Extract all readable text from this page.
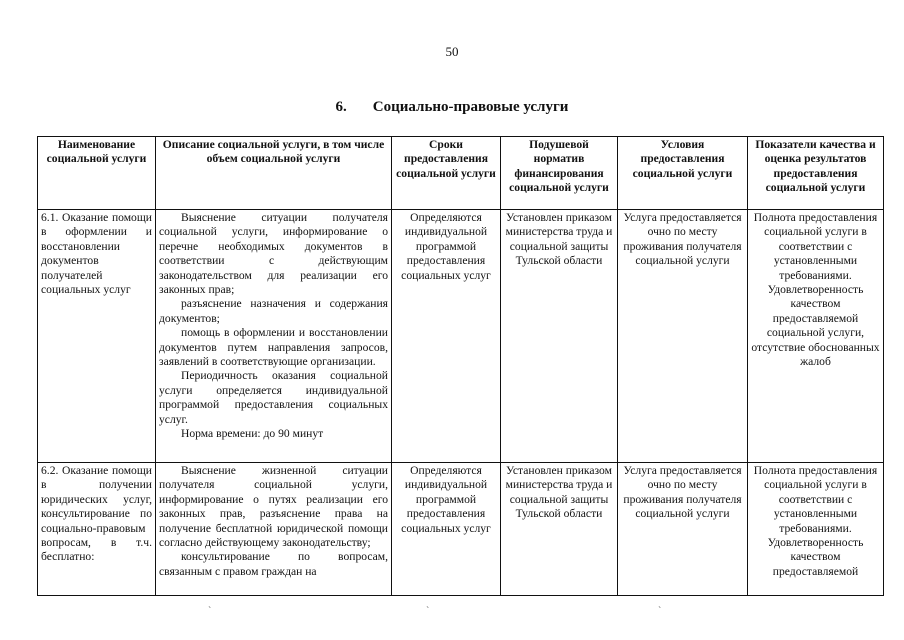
50
6. Социально-правовые услуги
Наименование социальной услуги	Описание социальной услуги, в том числе объем социальной услуги	Сроки предоставления социальной услуги	Подушевой норматив финансирования социальной услуги	Условия предоставления социальной услуги	Показатели качества и оценка результатов предоставления социальной услуги
6.1. Оказание помощи в оформлении и восстановлении документов получателей социальных услуг	Выяснение ситуации получателя социальной услуги, информирование о перечне необходимых документов в соответствии с действующим законодательством для реализации его законных прав;

разъяснение назначения и содержания документов;

помощь в оформлении и восстановлении документов путем направления запросов, заявлений в соответствующие организации.

Периодичность оказания социальной услуги определяется индивидуальной программой предоставления социальных услуг.

Норма времени: до 90 минут	Определяются индивидуальной программой предоставления социальных услуг	Установлен приказом министерства труда и социальной защиты Тульской области	Услуга предоставляется очно по месту проживания получателя социальной услуги	Полнота предоставления социальной услуги в соответствии с установленными требованиями. Удовлетворенность качеством предоставляемой социальной услуги, отсутствие обоснованных жалоб
6.2. Оказание помощи в получении юридических услуг, консультирование по социально-правовым вопросам, в т.ч. бесплатно:	Выяснение жизненной ситуации получателя социальной услуги, информирование о путях реализации его законных прав, разъяснение права на получение бесплатной юридической помощи согласно действующему законодательству;

консультирование по вопросам, связанным с правом граждан на	Определяются индивидуальной программой предоставления социальных услуг	Установлен приказом министерства труда и социальной защиты Тульской области	Услуга предоставляется очно по месту проживания получателя социальной услуги	Полнота предоставления социальной услуги в соответствии с установленными требованиями. Удовлетворенность качеством предоставляемой
`	`	`
